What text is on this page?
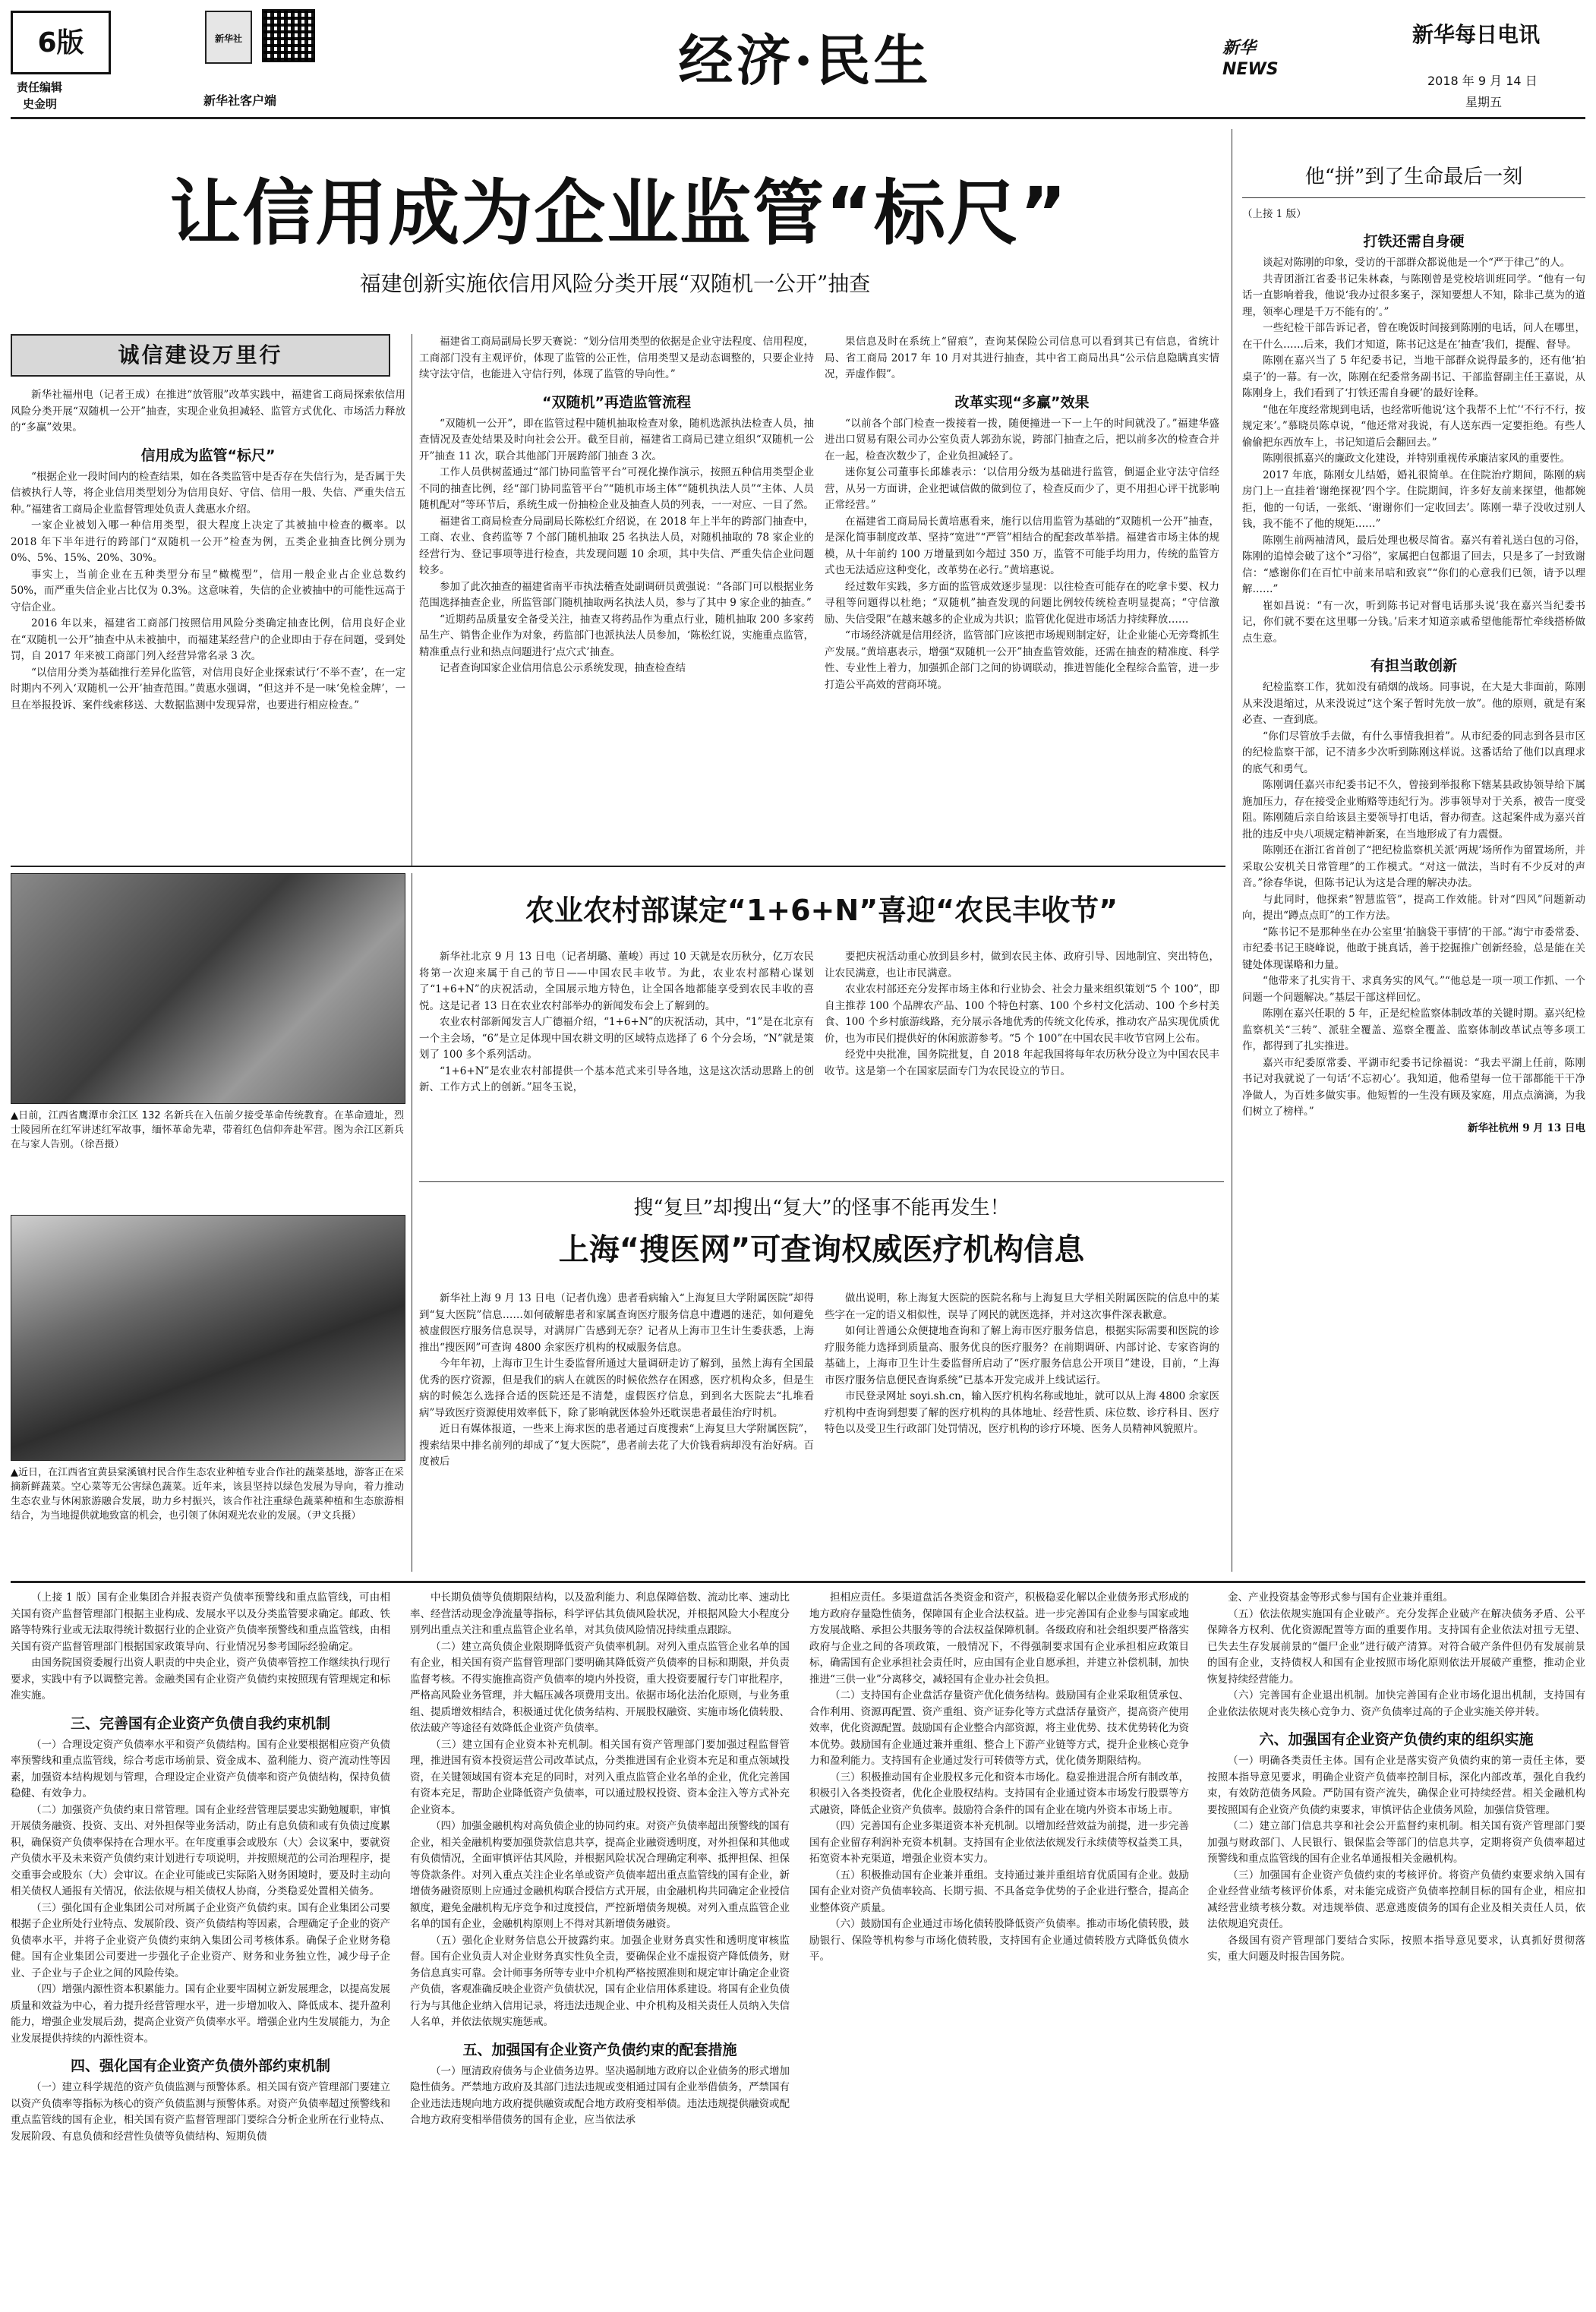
6版
责任编辑
史金明
新华社
新华社客户端
经济·民生	新华NEWS
新华每日电讯
2018 年 9 月 14 日
星期五
让信用成为企业监管“标尺”
福建创新实施依信用风险分类开展“双随机一公开”抽查
诚信建设万里行

新华社福州电（记者王成）在推进“放管服”改革实践中，福建省工商局探索依信用风险分类开展“双随机一公开”抽查，实现企业负担减轻、监管方式优化、市场活力释放的“多赢”效果。

信用成为监管“标尺”

“根据企业一段时间内的检查结果，如在各类监管中是否存在失信行为，是否属于失信被执行人等，将企业信用类型划分为信用良好、守信、信用一般、失信、严重失信五种。”福建省工商局企业监督管理处负责人龚惠水介绍。

一家企业被划入哪一种信用类型，很大程度上决定了其被抽中检查的概率。以 2018 年下半年进行的跨部门“双随机一公开”检查为例，五类企业抽查比例分别为 0%、5%、15%、20%、30%。

事实上，当前企业在五种类型分布呈“橄榄型”，信用一般企业占企业总数约 50%，而严重失信企业占比仅为 0.3%。这意味着，失信的企业被抽中的可能性远高于守信企业。

2016 年以来，福建省工商部门按照信用风险分类确定抽查比例，信用良好企业在“双随机一公开”抽查中从未被抽中，而福建某经营户的企业即由于存在问题，受到处罚，自 2017 年来被工商部门列入经营异常名录 3 次。

“以信用分类为基础推行差异化监管，对信用良好企业探索试行‘不举不查’，在一定时期内不列入‘双随机一公开’抽查范围。”黄惠水强调，“但这并不是一味‘免检金牌’，一旦在举报投诉、案件线索移送、大数据监测中发现异常，也要进行相应检查。”

福建省工商局副局长罗天赛说：“划分信用类型的依据是企业守法程度、信用程度，工商部门没有主观评价，体现了监管的公正性，信用类型又是动态调整的，只要企业持续守法守信，也能进入守信行列，体现了监管的导向性。”

“双随机”再造监管流程

“双随机一公开”，即在监管过程中随机抽取检查对象，随机选派执法检查人员，抽查情况及查处结果及时向社会公开。截至目前，福建省工商局已建立组织“双随机一公开”抽查 11 次，联合其他部门开展跨部门抽查 3 次。

工作人员供树蓝通过“部门协同监管平台”可视化操作演示，按照五种信用类型企业不同的抽查比例，经“部门协同监管平台”“随机市场主体”“随机执法人员”“主体、人员随机配对”等环节后，系统生成一份抽检企业及抽查人员的列表，一一对应、一目了然。

福建省工商局检查分局副局长陈松红介绍说，在 2018 年上半年的跨部门抽查中，工商、农业、食药监等 7 个部门随机抽取 25 名执法人员，对随机抽取的 78 家企业的经营行为、登记事项等进行检查，共发现问题 10 余项，其中失信、严重失信企业问题较多。

参加了此次抽查的福建省南平市执法稽查处副调研员黄强说：“各部门可以根据业务范围选择抽查企业，所监管部门随机抽取两名执法人员，参与了其中 9 家企业的抽查。”

“近期药品质量安全备受关注，抽查又将药品作为重点行业，随机抽取 200 多家药品生产、销售企业作为对象，药监部门也派执法人员参加，‘陈松红说，实施重点监管，精准重点行业和热点问题进行‘点穴式’抽查。

记者查询国家企业信用信息公示系统发现，抽查检查结

果信息及时在系统上“留痕”，查询某保险公司信息可以看到其已有信息，省统计局、省工商局 2017 年 10 月对其进行抽查，其中省工商局出具“公示信息隐瞒真实情况，弄虚作假”。

改革实现“多赢”效果

“以前各个部门检查一拨接着一拨，随便撞进一下一上午的时间就没了。”福建华盛进出口贸易有限公司办公室负责人郭劲东说，跨部门抽查之后，把以前多次的检查合并在一起，检查次数少了，企业负担减轻了。

迷你复公司董事长邱雄表示：‘以信用分级为基础进行监管，倒逼企业守法守信经营，从另一方面讲，企业把诚信做的做到位了，检查反而少了，更不用担心评干扰影响正常经营。”

在福建省工商局局长黄培惠看来，施行以信用监管为基础的“双随机一公开”抽查，是深化简事制度改革、坚持“宽进”“严管”相结合的配套改革举措。福建省市场主体的规模，从十年前约 100 万增量到如今超过 350 万，监管不可能手均用力，传统的监管方式也无法适应这种变化，改革势在必行。”黄培惠说。

经过数年实践，多方面的监管成效逐步显现：以往检查可能存在的吃拿卡要、权力寻租等问题得以杜绝；“双随机”抽查发现的问题比例较传统检查明显提高；“守信激励、失信受限”在越来越多的企业成为共识；监管优化促进市场活力持续释放……

“市场经济就是信用经济，监管部门应该把市场规则制定好，让企业能心无旁骛抓生产发展。”黄培惠表示，增强“双随机一公开”抽查监管效能，还需在抽查的精准度、科学性、专业性上着力，加强抓企部门之间的协调联动，推进智能化全程综合监管，进一步打造公平高效的营商环境。

▲日前，江西省鹰潭市余江区 132 名新兵在入伍前夕接受革命传统教育。在革命遗址，烈士陵园所在红军讲述红军故事，缅怀革命先辈，带着红色信仰奔赴军营。图为余江区新兵在与家人告别。（徐吾摄）
▲近日，在江西省宜黄县棠溪镇村民合作生态农业种植专业合作社的蔬菜基地，游客正在采摘新鲜蔬菜。空心菜等无公害绿色蔬菜。近年来，该县坚持以绿色发展为导向，着力推动生态农业与休闲旅游融合发展，助力乡村振兴，该合作社注重绿色蔬菜种植和生态旅游相结合，为当地提供就地致富的机会，也引领了休闲观光农业的发展。（尹文兵摄）
农业农村部谋定“1+6+N”喜迎“农民丰收节”

新华社北京 9 月 13 日电（记者胡璐、董峻）再过 10 天就是农历秋分，亿万农民将第一次迎来属于自己的节日——中国农民丰收节。为此，农业农村部精心谋划了“1+6+N”的庆祝活动，全国展示地方特色，让全国各地都能享受到农民丰收的喜悦。这是记者 13 日在农业农村部举办的新闻发布会上了解到的。

农业农村部新闻发言人广德福介绍，“1+6+N”的庆祝活动，其中，“1”是在北京有一个主会场，“6”是立足体现中国农耕文明的区域特点选择了 6 个分会场，“N”就是策划了 100 多个系列活动。

“1+6+N”是农业农村部提供一个基本范式来引导各地，这是这次活动思路上的创新、工作方式上的创新。”屈冬玉说，

要把庆祝活动重心放到县乡村，做到农民主体、政府引导、因地制宜、突出特色，让农民满意，也让市民满意。

农业农村部还充分发挥市场主体和行业协会、社会力量来组织策划“5 个 100”，即自主推荐 100 个品牌农产品、100 个特色村寨、100 个乡村文化活动、100 个乡村美食、100 个乡村旅游线路，充分展示各地优秀的传统文化传承，推动农产品实现优质优价，也为市民们提供好的休闲旅游参考。“5 个 100”在中国农民丰收节官网上公布。

经党中央批准，国务院批复，自 2018 年起我国将每年农历秋分设立为中国农民丰收节。这是第一个在国家层面专门为农民设立的节日。

搜“复旦”却搜出“复大”的怪事不能再发生！
上海“搜医网”可查询权威医疗机构信息

新华社上海 9 月 13 日电（记者仇逸）患者看病输入“上海复旦大学附属医院”却得到“复大医院”信息……如何破解患者和家属查询医疗服务信息中遭遇的迷茫，如何避免被虚假医疗服务信息误导，对满屏广告感到无奈？记者从上海市卫生计生委获悉，上海推出“搜医网”可查询 4800 余家医疗机构的权威服务信息。

今年年初，上海市卫生计生委监督所通过大量调研走访了解到，虽然上海有全国最优秀的医疗资源，但是我们的病人在就医的时候依然存在困惑，医疗机构众多，但是生病的时候怎么选择合适的医院还是不清楚，虚假医疗信息，到到名大医院去“扎堆看病”导致医疗资源使用效率低下，除了影响就医体验外还耽误患者最佳治疗时机。

近日有媒体报道，一些来上海求医的患者通过百度搜索“上海复旦大学附属医院”，搜索结果中排名前列的却成了“复大医院”，患者前去花了大价钱看病却没有治好病。百度被后

做出说明，称上海复大医院的医院名称与上海复旦大学相关附属医院的信息中的某些字在一定的语义相似性，误导了网民的就医选择，并对这次事件深表歉意。

如何让普通公众便捷地查询和了解上海市医疗服务信息，根据实际需要和医院的诊疗服务能力选择到质量高、服务优良的医疗服务？在前期调研、内部讨论、专家咨询的基础上，上海市卫生计生委监督所启动了“医疗服务信息公开项目”建设，目前，“上海市医疗服务信息便民查询系统”已基本开发完成并上线试运行。

市民登录网址 soyi.sh.cn，输入医疗机构名称或地址，就可以从上海 4800 余家医疗机构中查询到想要了解的医疗机构的具体地址、经营性质、床位数、诊疗科目、医疗特色以及受卫生行政部门处罚情况，医疗机构的诊疗环境、医务人员精神风貌照片。

他“拼”到了生命最后一刻
（上接 1 版）
打铁还需自身硬

谈起对陈刚的印象，受访的干部群众都说他是一个“严于律己”的人。

共青团浙江省委书记朱林森，与陈刚曾是党校培训班同学。“他有一句话一直影响着我，他说‘我办过很多案子，深知要想人不知，除非己莫为的道理，领率心理是千万不能有的’。”

一些纪检干部告诉记者，曾在晚饭时间接到陈刚的电话，问人在哪里，在干什么……后来，我们才知道，陈书记这是在‘抽查’我们，提醒、督导。

陈刚在嘉兴当了 5 年纪委书记，当地干部群众说得最多的，还有他‘拍桌子’的一幕。有一次，陈刚在纪委常务副书记、干部监督副主任王嘉说，从陈刚身上，我们看到了‘打铁还需自身硬’的最好诠释。

“他在年度经常规到电话，也经常听他说‘这个我帮不上忙’‘不行不行，按规定来’。”慕晓员陈卓说，“他还常对我说，有人送东西一定要拒绝。有些人偷偷把东西放车上，书记知道后会翻回去。”

陈刚很抓嘉兴的廉政文化建设，并特别重视传承廉洁家风的重要性。

2017 年底，陈刚女儿结婚，婚礼很简单。在住院治疗期间，陈刚的病房门上一直挂着‘谢绝探视’四个字。住院期间，许多好友前来探望，他都婉拒，他的一句话，一张纸、‘谢谢你们一定收回去’。陈刚一辈子没收过别人钱，我不能不了他的规矩……”

陈刚生前两袖清风，最后处理也极尽简省。嘉兴有着礼送白包的习俗，陈刚的追悼会破了这个“习俗”，家属把白包都退了回去，只是多了一封致谢信：“感谢你们在百忙中前来吊唁和致哀”“你们的心意我们已领，请予以理解……”

崔如昌说：“有一次，听到陈书记对督电话那头说‘我在嘉兴当纪委书记，你们就不要在这里哪一分钱。’后来才知道亲戚希望他能帮忙牵线搭桥做点生意。

有担当敢创新

纪检监察工作，犹如没有硝烟的战场。同事说，在大是大非面前，陈刚从来没退缩过，从来没说过“这个案子暂时先放一放”。他的原则，就是有案必查、一查到底。

“你们尽管放手去做，有什么事情我担着”。从市纪委的同志到各县市区的纪检监察干部，记不清多少次听到陈刚这样说。这番话给了他们以真理求的底气和勇气。

陈刚调任嘉兴市纪委书记不久，曾接到举报称下辖某县政协领导给下属施加压力，存在接受企业贿赂等违纪行为。涉事领导对于关系，被告一度受阻。陈刚随后亲自给该县主要领导打电话，督办彻查。这起案件成为嘉兴首批的违反中央八项规定精神新案，在当地形成了有力震慑。

陈刚还在浙江省首创了“把纪检监察机关派‘两规’场所作为留置场所，并采取公安机关日常管理”的工作模式。“对这一做法，当时有不少反对的声音。”徐春华说，但陈书记认为这是合理的解决办法。

与此同时，他探索“智慧监管”，提高工作效能。针对“四风”问题新动向，提出“蹲点点盯”的工作方法。

“陈书记不是那种坐在办公室里‘拍脑袋干事情’的干部。”海宁市委常委、市纪委书记王晓峰说，他敢于挑真话，善于挖掘推广创新经验，总是能在关键处体现谋略和力量。

“他带来了扎实肯干、求真务实的风气。”“他总是一项一项工作抓、一个问题一个问题解决。”基层干部这样回忆。

陈刚在嘉兴任职的 5 年，正是纪检监察体制改革的关键时期。嘉兴纪检监察机关“三转”、派驻全覆盖、巡察全覆盖、监察体制改革试点等多项工作，都得到了扎实推进。

嘉兴市纪委原常委、平湖市纪委书记徐福说：“我去平湖上任前，陈刚书记对我就说了一句话‘不忘初心’。我知道，他希望每一位干部都能干干净净做人，为百姓多做实事。他短暂的一生没有顾及家庭，用点点滴滴，为我们树立了榜样。”

新华社杭州 9 月 13 日电

（上接 1 版）国有企业集团合并报表资产负债率预警线和重点监管线，可由相关国有资产监督管理部门根据主业构成、发展水平以及分类监管要求确定。邮政、铁路等特殊行业或无法取得统计数据行业的企业资产负债率预警线和重点监管线，由相关国有资产监督管理部门根据国家政策导向、行业情况另参考国际经验确定。

由国务院国资委履行出资人职责的中央企业，资产负债率管控工作继续执行现行要求，实践中有予以调整完善。金融类国有企业资产负债约束按照现有管理规定和标准实施。

三、完善国有企业资产负债自我约束机制

（一）合理设定资产负债率水平和资产负债结构。国有企业要根据相应资产负债率预警线和重点监管线，综合考虑市场前景、资金成本、盈利能力、资产流动性等因素，加强资本结构规划与管理，合理设定企业资产负债率和资产负债结构，保持负债稳健、有效争力。

（二）加强资产负债约束日常管理。国有企业经营管理层要忠实勤勉履职，审慎开展债务融资、投资、支出、对外担保等业务活动，防止有息负债和或有负债过度累积，确保资产负债率保持在合理水平。在年度重事会或股东（大）会议案中，要就资产负债水平及未来资产负债约束计划进行专项说明，并按照规范的公司治理程序，提交重事会或股东（大）会审议。在企业可能或已实际陷入财务困境时，要及时主动向相关债权人通报有关情况，依法依规与相关债权人协商，分类稳妥处置相关债务。

（三）强化国有企业集团公司对所属子企业资产负债约束。国有企业集团公司要根据子企业所处行业特点、发展阶段、资产负债结构等因素，合理确定子企业的资产负债率水平，并将子企业资产负债约束纳入集团公司考核体系。确保子企业财务稳健。国有企业集团公司要进一步强化子企业资产、财务和业务独立性，减少母子企业、子企业与子企业之间的风险传染。

（四）增强内源性资本积累能力。国有企业要牢固树立新发展理念，以提高发展质量和效益为中心，着力提升经营管理水平，进一步增加收入、降低成本、提升盈利能力，增强企业发展后劲，提高企业资产负债率水平。增强企业内生发展能力，为企业发展提供持续的内源性资本。

四、强化国有企业资产负债外部约束机制

（一）建立科学规范的资产负债监测与预警体系。相关国有资产管理部门要建立以资产负债率等指标为核心的资产负债监测与预警体系。对资产负债率超过预警线和重点监管线的国有企业，相关国有资产监督管理部门要综合分析企业所在行业特点、发展阶段、有息负债和经营性负债等负债结构、短期负债

中长期负债等负债期限结构，以及盈利能力、利息保障倍数、流动比率、速动比率、经营活动现金净流量等指标，科学评估其负债风险状况，并根据风险大小程度分别列出重点关注和重点监管企业名单，对其负债风险情况持续重点跟踪。

（二）建立高负债企业限期降低资产负债率机制。对列入重点监管企业名单的国有企业，相关国有资产监督管理部门要明确其降低资产负债率的目标和期限，并负责监督考核。不得实施推高资产负债率的境内外投资，重大投资要履行专门审批程序，严格高风险业务管理，并大幅压减各项费用支出。依据市场化法治化原则，与业务重组、提质增效相结合，积极通过优化债务结构、开展股权融资、实施市场化债转股、依法破产等途径有效降低企业资产负债率。

（三）建立国有企业资本补充机制。相关国有资产管理部门要加强过程监督管理，推进国有资本投资运营公司改革试点，分类推进国有企业资本充足和重点领域投资，在关键领域国有资本充足的同时，对列入重点监管企业名单的企业，优化完善国有资本充足，帮助企业降低资产负债率，可以通过股权投资、资本金注入等方式补充企业资本。

（四）加强金融机构对高负债企业的协同约束。对资产负债率超出预警线的国有企业，相关金融机构要加强贷款信息共享，提高企业融资透明度，对外担保和其他或有负债情况，全面审慎评估其风险，并根据风险状况合理确定利率、抵押担保、担保等贷款条件。对列入重点关注企业名单或资产负债率超出重点监管线的国有企业，新增债务融资原则上应通过金融机构联合授信方式开展，由金融机构共同确定企业授信额度，避免金融机构无序竞争和过度授信，严控新增债务规模。对列入重点监管企业名单的国有企业，金融机构原则上不得对其新增债务融资。

（五）强化企业财务信息公开披露约束。加强企业财务真实性和透明度审核监督。国有企业负责人对企业财务真实性负全责，要确保企业不虚报资产降低债务，财务信息真实可靠。会计师事务所等专业中介机构严格按照准则和规定审计确定企业资产负债，客观准确反映企业资产负债状况，国有企业信用体系建设。将国有企业负债行为与其他企业纳入信用记录，将违法违规企业、中介机构及相关责任人员纳入失信人名单，并依法依规实施惩戒。

五、加强国有企业资产负债约束的配套措施

（一）厘清政府债务与企业债务边界。坚决遏制地方政府以企业债务的形式增加隐性债务。严禁地方政府及其部门违法违规或变相通过国有企业举借债务，严禁国有企业违法违规向地方政府提供融资或配合地方政府变相举债。违法违规提供融资或配合地方政府变相举借债务的国有企业，应当依法承

担相应责任。多渠道盘活各类资金和资产，积极稳妥化解以企业债务形式形成的地方政府存量隐性债务，保障国有企业合法权益。进一步完善国有企业参与国家或地方发展战略、承担公共服务等的合法权益保障机制。各级政府和社会组织要严格落实政府与企业之间的各项政策，一般情况下，不得强制要求国有企业承担相应政策目标，确需国有企业承担社会责任时，应由国有企业自愿承担，并建立补偿机制，加快推进“三供一业”分离移交，减轻国有企业办社会负担。

（二）支持国有企业盘活存量资产优化债务结构。鼓励国有企业采取租赁承包、合作利用、资源再配置、资产重组、资产证券化等方式盘活存量资产，提高资产使用效率，优化资源配置。鼓励国有企业整合内部资源，将主业优势、技术优势转化为资本优势。鼓励国有企业通过兼并重组、整合上下游产业链等方式，提升企业核心竞争力和盈利能力。支持国有企业通过发行可转债等方式，优化债务期限结构。

（三）积极推动国有企业股权多元化和资本市场化。稳妥推进混合所有制改革，积极引入各类投资者，优化企业股权结构。支持国有企业通过资本市场发行股票等方式融资，降低企业资产负债率。鼓励符合条件的国有企业在境内外资本市场上市。

（四）完善国有企业多渠道资本补充机制。以增加经营效益为前提，进一步完善国有企业留存利润补充资本机制。支持国有企业依法依规发行永续债等权益类工具，拓宽资本补充渠道，增强企业资本实力。

（五）积极推动国有企业兼并重组。支持通过兼并重组培育优质国有企业。鼓励国有企业对资产负债率较高、长期亏损、不具备竞争优势的子企业进行整合，提高企业整体资产质量。

（六）鼓励国有企业通过市场化债转股降低资产负债率。推动市场化债转股，鼓励银行、保险等机构参与市场化债转股，支持国有企业通过债转股方式降低负债水平。

金、产业投资基金等形式参与国有企业兼并重组。

（五）依法依规实施国有企业破产。充分发挥企业破产在解决债务矛盾、公平保障各方权利、优化资源配置等方面的重要作用。支持国有企业依法对扭亏无望、已失去生存发展前景的“僵尸企业”进行破产清算。对符合破产条件但仍有发展前景的国有企业，支持债权人和国有企业按照市场化原则依法开展破产重整，推动企业恢复持续经营能力。

（六）完善国有企业退出机制。加快完善国有企业市场化退出机制，支持国有企业依法依规对丧失核心竞争力、资产负债率过高的子企业实施关停并转。

六、加强国有企业资产负债约束的组织实施

（一）明确各类责任主体。国有企业是落实资产负债约束的第一责任主体，要按照本指导意见要求，明确企业资产负债率控制目标，深化内部改革，强化自我约束，有效防范债务风险。严防国有资产流失，确保企业可持续经营。相关金融机构要按照国有企业资产负债约束要求，审慎评估企业债务风险，加强信贷管理。

（二）建立部门信息共享和社会公开监督约束机制。相关国有资产管理部门要加强与财政部门、人民银行、银保监会等部门的信息共享，定期将资产负债率超过预警线和重点监管线的国有企业名单通报相关金融机构。

（三）加强国有企业资产负债约束的考核评价。将资产负债约束要求纳入国有企业经营业绩考核评价体系，对未能完成资产负债率控制目标的国有企业，相应扣减经营业绩考核分数。对违规举债、恶意逃废债务的国有企业及相关责任人员，依法依规追究责任。

各级国有资产管理部门要结合实际，按照本指导意见要求，认真抓好贯彻落实，重大问题及时报告国务院。
